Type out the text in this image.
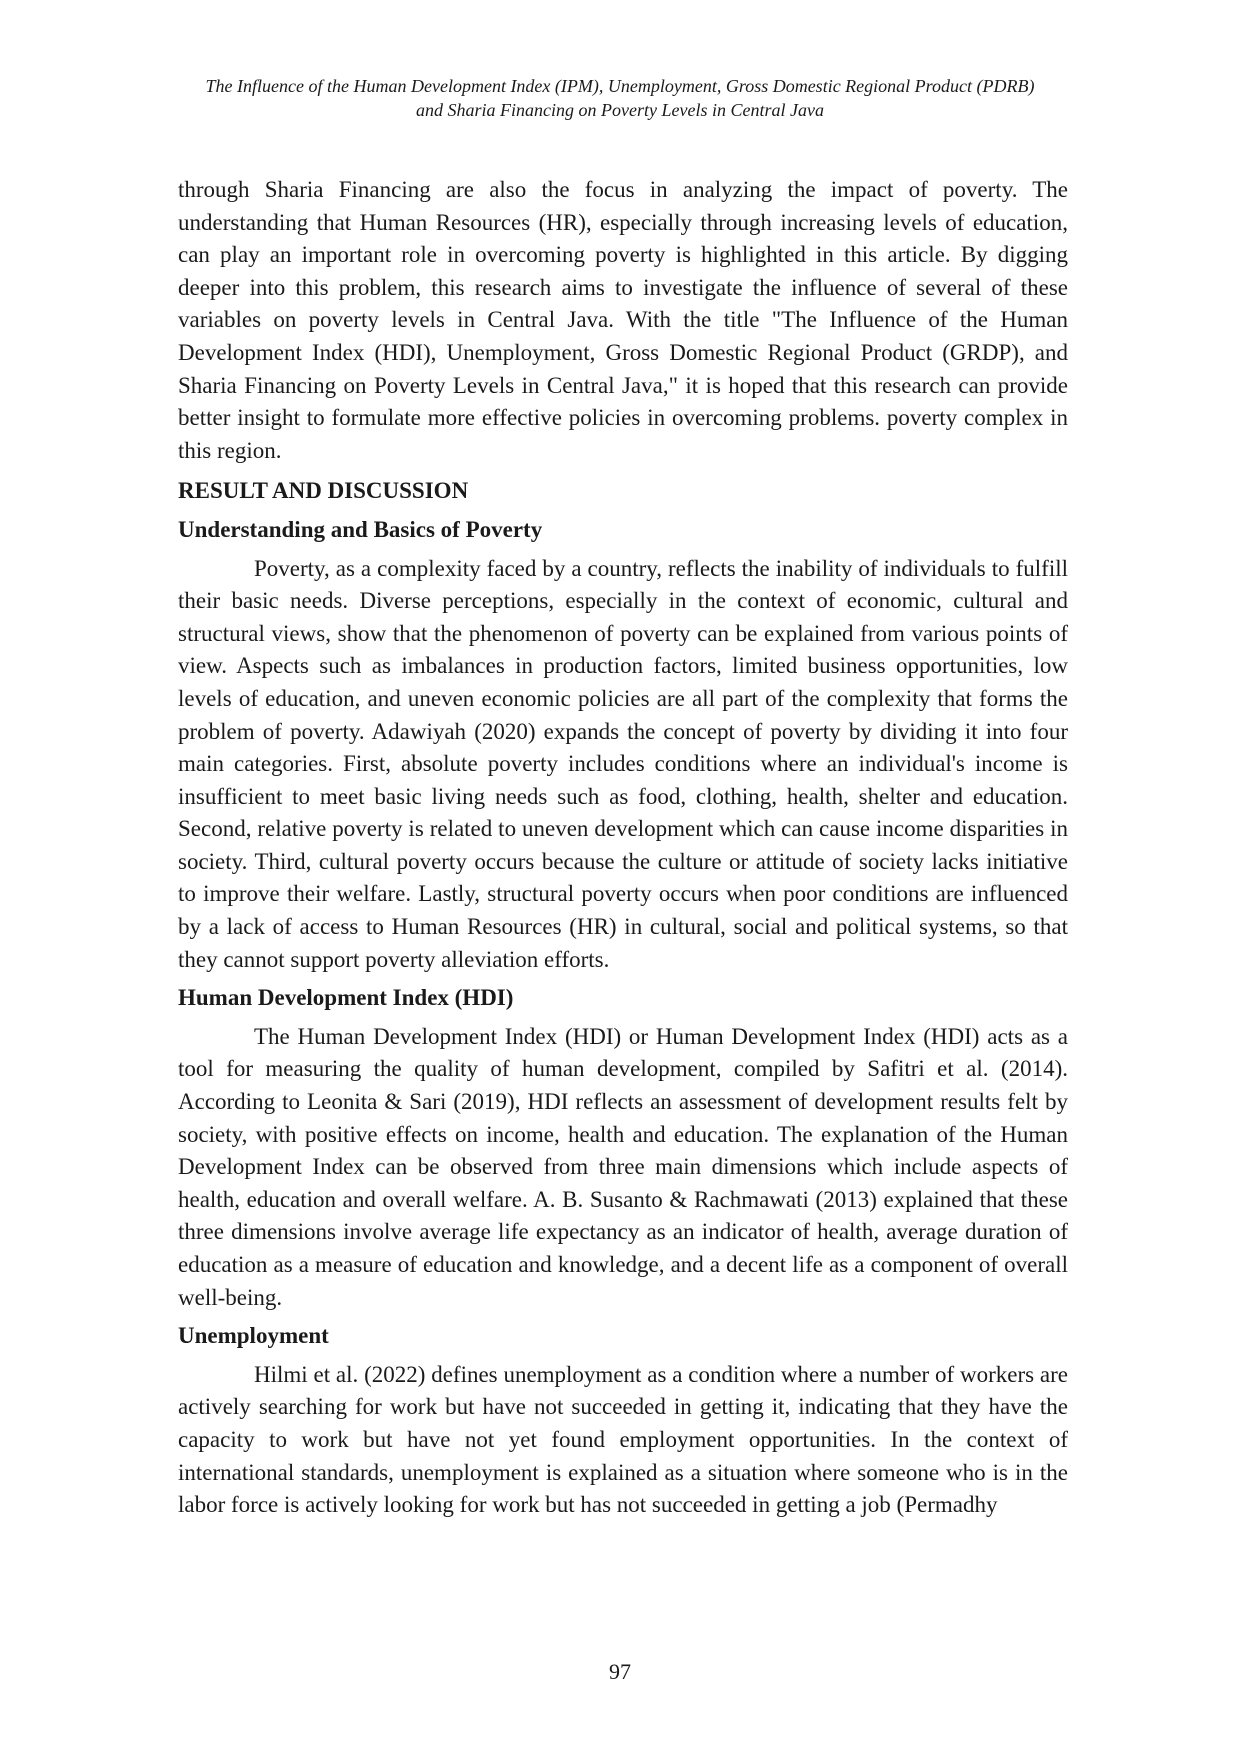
The Influence of the Human Development Index (IPM), Unemployment, Gross Domestic Regional Product (PDRB)
and Sharia Financing on Poverty Levels in Central Java

through Sharia Financing are also the focus in analyzing the impact of poverty. The understanding that Human Resources (HR), especially through increasing levels of education, can play an important role in overcoming poverty is highlighted in this article. By digging deeper into this problem, this research aims to investigate the influence of several of these variables on poverty levels in Central Java. With the title "The Influence of the Human Development Index (HDI), Unemployment, Gross Domestic Regional Product (GRDP), and Sharia Financing on Poverty Levels in Central Java," it is hoped that this research can provide better insight to formulate more effective policies in overcoming problems. poverty complex in this region.

RESULT AND DISCUSSION
Understanding and Basics of Poverty

Poverty, as a complexity faced by a country, reflects the inability of individuals to fulfill their basic needs. Diverse perceptions, especially in the context of economic, cultural and structural views, show that the phenomenon of poverty can be explained from various points of view. Aspects such as imbalances in production factors, limited business opportunities, low levels of education, and uneven economic policies are all part of the complexity that forms the problem of poverty. Adawiyah (2020) expands the concept of poverty by dividing it into four main categories. First, absolute poverty includes conditions where an individual's income is insufficient to meet basic living needs such as food, clothing, health, shelter and education. Second, relative poverty is related to uneven development which can cause income disparities in society. Third, cultural poverty occurs because the culture or attitude of society lacks initiative to improve their welfare. Lastly, structural poverty occurs when poor conditions are influenced by a lack of access to Human Resources (HR) in cultural, social and political systems, so that they cannot support poverty alleviation efforts.

Human Development Index (HDI)

The Human Development Index (HDI) or Human Development Index (HDI) acts as a tool for measuring the quality of human development, compiled by Safitri et al. (2014). According to Leonita & Sari (2019), HDI reflects an assessment of development results felt by society, with positive effects on income, health and education. The explanation of the Human Development Index can be observed from three main dimensions which include aspects of health, education and overall welfare. A. B. Susanto & Rachmawati (2013) explained that these three dimensions involve average life expectancy as an indicator of health, average duration of education as a measure of education and knowledge, and a decent life as a component of overall well-being.

Unemployment

Hilmi et al. (2022) defines unemployment as a condition where a number of workers are actively searching for work but have not succeeded in getting it, indicating that they have the capacity to work but have not yet found employment opportunities. In the context of international standards, unemployment is explained as a situation where someone who is in the labor force is actively looking for work but has not succeeded in getting a job (Permadhy

97
